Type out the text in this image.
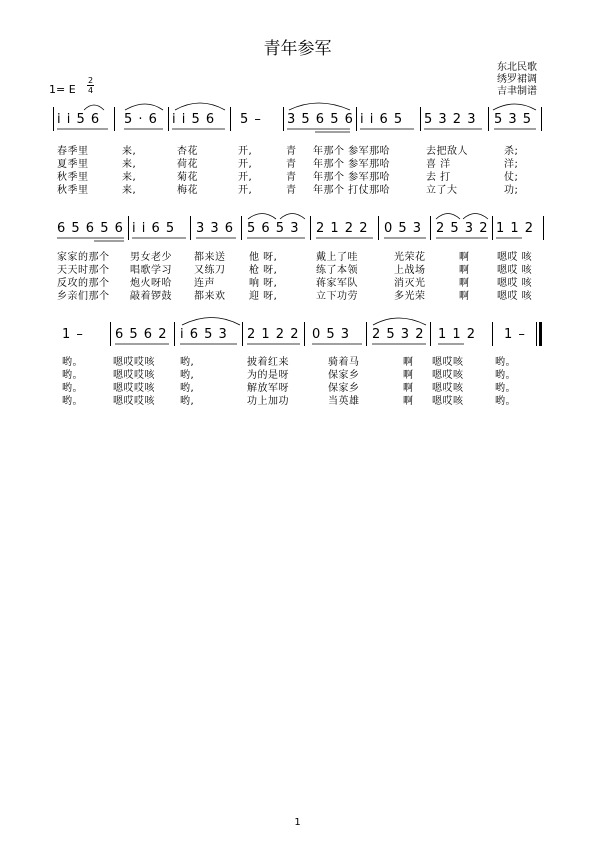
青年参军
东北民歌
绣罗裙调
吉聿制谱
1= E
2
4
i i 5 6 5 · 6 i i 5 6 5 – 3 5 6 5 6 i i 6 5 5 3 2 3 5 3 5
春季里	来,	杏花	开,	青 年那个 参军那哈	去把敌人	杀;
夏季里	来,	荷花	开,	青 年那个 参军那哈	喜 洋	洋;
秋季里	来,	菊花	开,	青 年那个 参军那哈	去 打	仗;
秋季里	来,	梅花	开,	青 年那个 打仗那哈	立了大	功;
6 5 6 5 6 i i 6 5 3 3 6 5 6 5 3 2 1 2 2 0 5 3 2 5 3 2 1 1 2
家家的那个 男女老少 都来送 他 呀,	戴上了哇	光荣花	啊	嗯哎 咳
天天时那个 唱歌学习 又练刀 枪 呀,	练了本领	上战场	啊	嗯哎 咳
反攻的那个 炮火呀哈 连声	响 呀,	蒋家军队	消灭光	啊	嗯哎 咳
乡亲们那个 敲着锣鼓 都来欢 迎 呀,	立下功劳	多光荣	啊	嗯哎 咳
1 – 6 5 6 2 i 6 5 3 2 1 2 2 0 5 3 2 5 3 2 1 1 2 1 –
哟。	嗯哎哎咳	哟,	披着红来	骑着马	啊 嗯哎咳	哟。
哟。	嗯哎哎咳	哟,	为的是呀	保家乡	啊 嗯哎咳	哟。
哟。	嗯哎哎咳	哟,	解放军呀	保家乡	啊 嗯哎咳	哟。
哟。	嗯哎哎咳	哟,	功上加功	当英雄	啊 嗯哎咳	哟。
1
